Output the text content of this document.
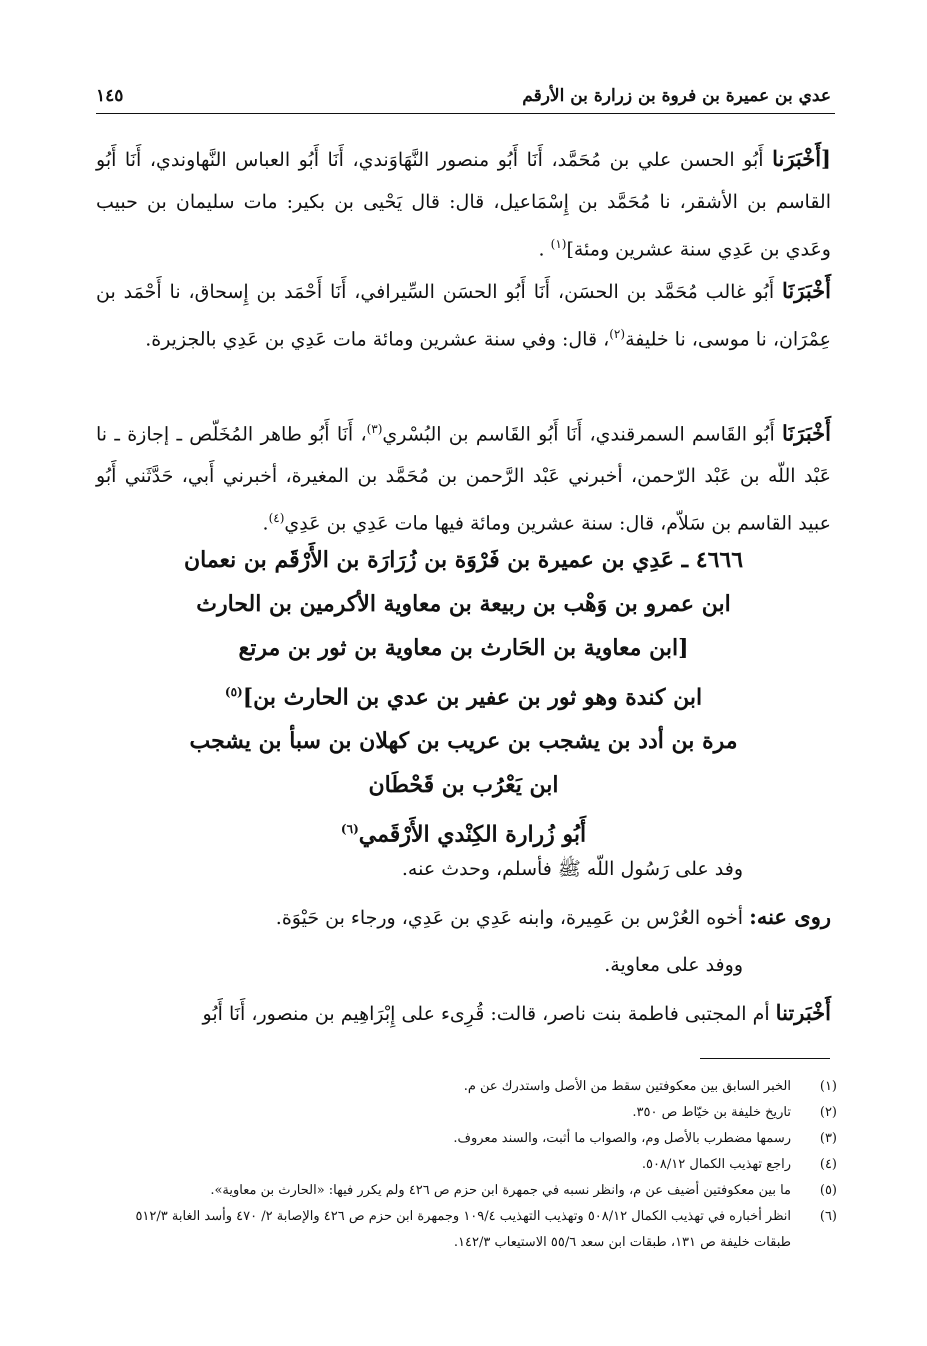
عدي بن عميرة بن فروة بن زرارة بن الأرقم
١٤٥

[أَخْبَرَنا أَبُو الحسن علي بن مُحَمَّد، أَنَا أَبُو منصور النَّهَاوَندي، أَنَا أَبُو العباس النَّهاوندي، أَنَا أَبُو القاسم بن الأشقر، نا مُحَمَّد بن إِسْمَاعيل، قال: قال يَحْيى بن بكير: مات سليمان بن حبيب وعَدي بن عَدِي سنة عشرين ومئة]$^{(١)}$ .

أَخْبَرَنَا أَبُو غالب مُحَمَّد بن الحسَن، أَنَا أَبُو الحسَن السِّيرافي، أَنَا أَحْمَد بن إِسحاق، نا أَحْمَد بن عِمْرَان، نا موسى، نا خليفة$^{(٢)}$، قال: وفي سنة عشرين ومائة مات عَدِي بن عَدِي بالجزيرة.

أَخْبَرَنَا أَبُو القَاسم السمرقندي، أَنَا أَبُو القَاسم بن البُسْري$^{(٣)}$، أَنَا أَبُو طاهر المُخَلّص ـ إجازة ـ نا عَبْد اللّه بن عَبْد الرّحمن، أخبرني عَبْد الرَّحمن بن مُحَمَّد بن المغيرة، أخبرني أَبي، حَدَّثَني أَبُو عبيد القاسم بن سَلاّم، قال: سنة عشرين ومائة فيها مات عَدِي بن عَدِي$^{(٤)}$.

٤٦٦٦ ـ عَدِي بن عميرة بن فَرْوَة بن زُرَارَة بن الأَرْقَم بن نعمان
ابن عمرو بن وَهْب بن ربيعة بن معاوية الأكرمين بن الحارث
[ابن معاوية بن الحَارث بن معاوية بن ثور بن مرتع
ابن كندة وهو ثور بن عفير بن عدي بن الحارث بن]$^{(٥)}$
مرة بن أدد بن يشجب بن عريب بن كهلان بن سبأ بن يشجب
ابن يَعْرُب بن قَحْطَان
أَبُو زُرارة الكِنْدي الأَرْقَمي$^{(٦)}$

وفد على رَسُول اللّه ﷺ فأسلم، وحدث عنه.

روى عنه: أخوه العُرْس بن عَمِيرة، وابنه عَدِي بن عَدِي، ورجاء بن حَيْوَة.

ووفد على معاوية.

أَخْبَرتنا أم المجتبى فاطمة بنت ناصر، قالت: قُرِىء على إِبْرَاهِيم بن منصور، أَنَا أَبُو

(١)
الخبر السابق بين معكوفتين سقط من الأصل واستدرك عن م.
(٢)
تاريخ خليفة بن خيّاط ص ٣٥٠.
(٣)
رسمها مضطرب بالأصل وم، والصواب ما أثبت، والسند معروف.
(٤)
راجع تهذيب الكمال ٥٠٨/١٢.
(٥)
ما بين معكوفتين أضيف عن م، وانظر نسبه في جمهرة ابن حزم ص ٤٢٦ ولم يكرر فيها: «الحارث بن معاوية».
(٦)
انظر أخباره في تهذيب الكمال ٥٠٨/١٢ وتهذيب التهذيب ١٠٩/٤ وجمهرة ابن حزم ص ٤٢٦ والإصابة ٢/ ٤٧٠ وأسد الغابة ٥١٢/٣ طبقات خليفة ص ١٣١، طبقات ابن سعد ٥٥/٦ الاستيعاب ١٤٢/٣.
